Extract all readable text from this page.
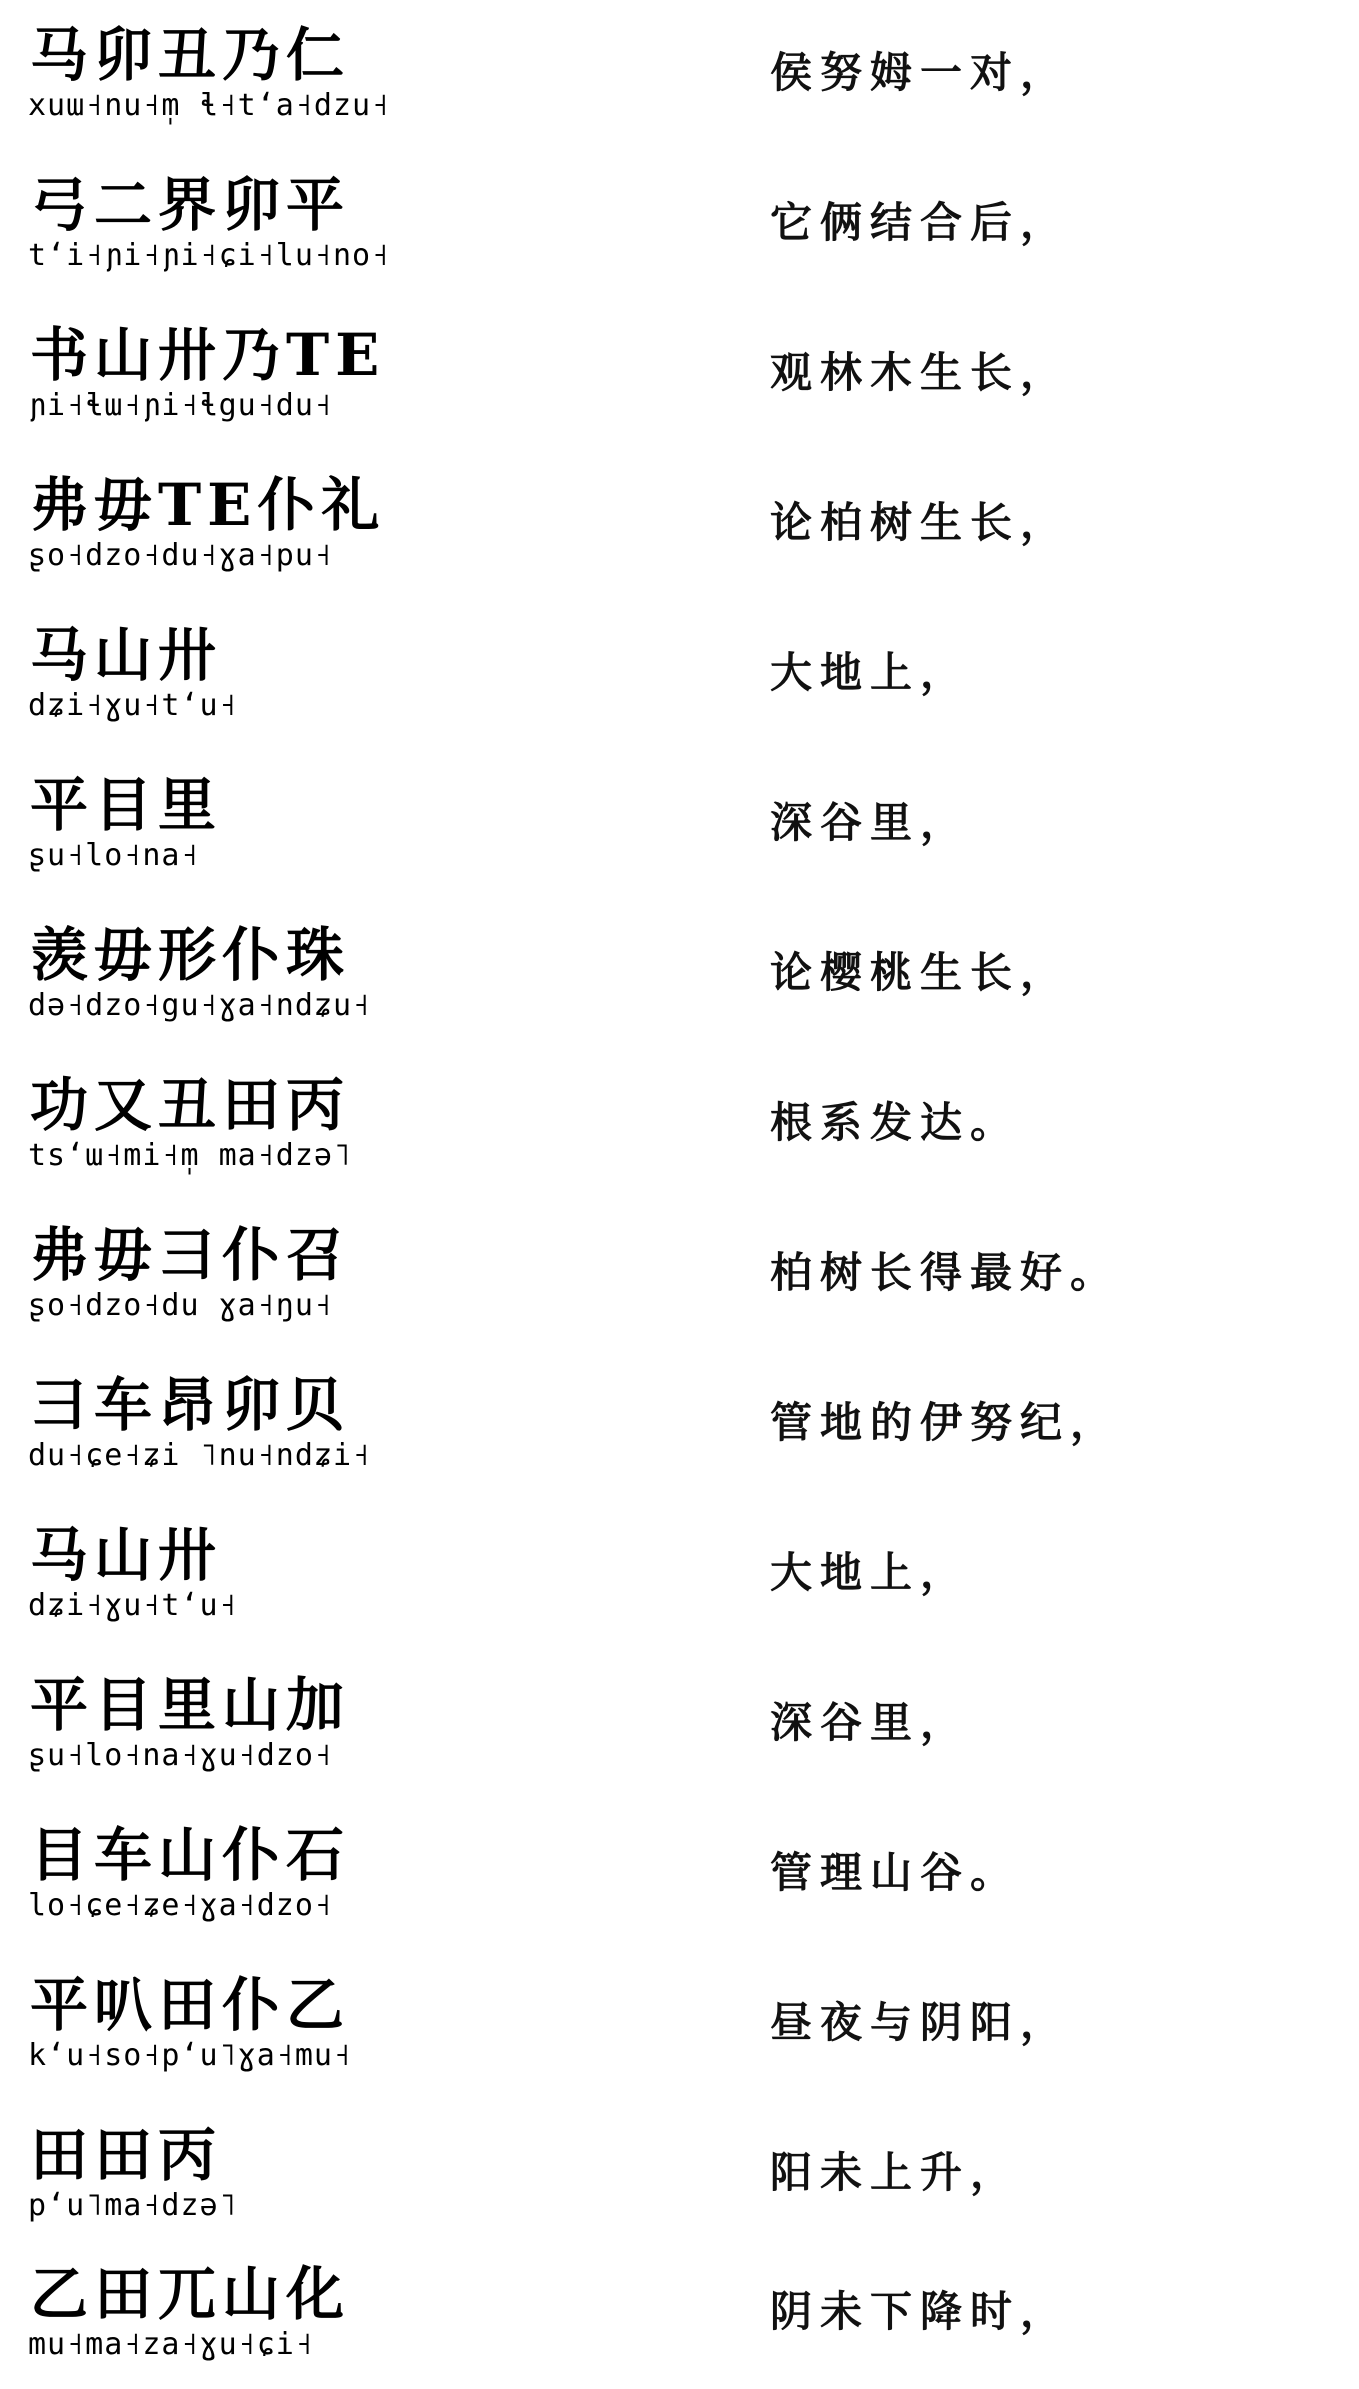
马卯丑乃仁
xuɯ˧nu˧m̩ ɬ˧tʻa˧dzu˧
侯努姆一对，
弓二界卯平
tʻi˧ɲi˧ɲi˧ɕi˧lu˧no˧
它俩结合后，
书山卅乃TE
ɲi˧ɬɯ˧ɲi˧ɬgu˧du˧
观林木生长，
弗毋TE仆礼
ʂo˧dzo˧du˧ɣa˧pu˧
论柏树生长，
马山卅
dʑi˧ɣu˧tʻu˧
大地上，
平目里
ʂu˧lo˧na˧
深谷里，
羡毋形仆珠
də˧dzo˧gu˧ɣa˧ndʑu˧
论樱桃生长，
功又丑田丙
tsʻɯ˧mi˧m̩ ma˧dzə˥
根系发达。
弗毋彐仆召
ʂo˧dzo˧du ɣa˧ŋu˧
柏树长得最好。
彐车昂卯贝
du˧ɕe˧ʑi ˥nu˧ndʑi˧
管地的伊努纪，
马山卅
dʑi˧ɣu˧tʻu˧
大地上，
平目里山加
ʂu˧lo˧na˧ɣu˧dzo˧
深谷里，
目车山仆石
lo˧ɕe˧ʑe˧ɣa˧dzo˧
管理山谷。
平叭田仆乙
kʻu˧so˧pʻu˥ɣa˧mu˧
昼夜与阴阳，
田田丙
pʻu˥ma˧dzə˥
阳未上升，
乙田兀山化
mu˧ma˧za˧ɣu˧ɕi˧
阴未下降时，
